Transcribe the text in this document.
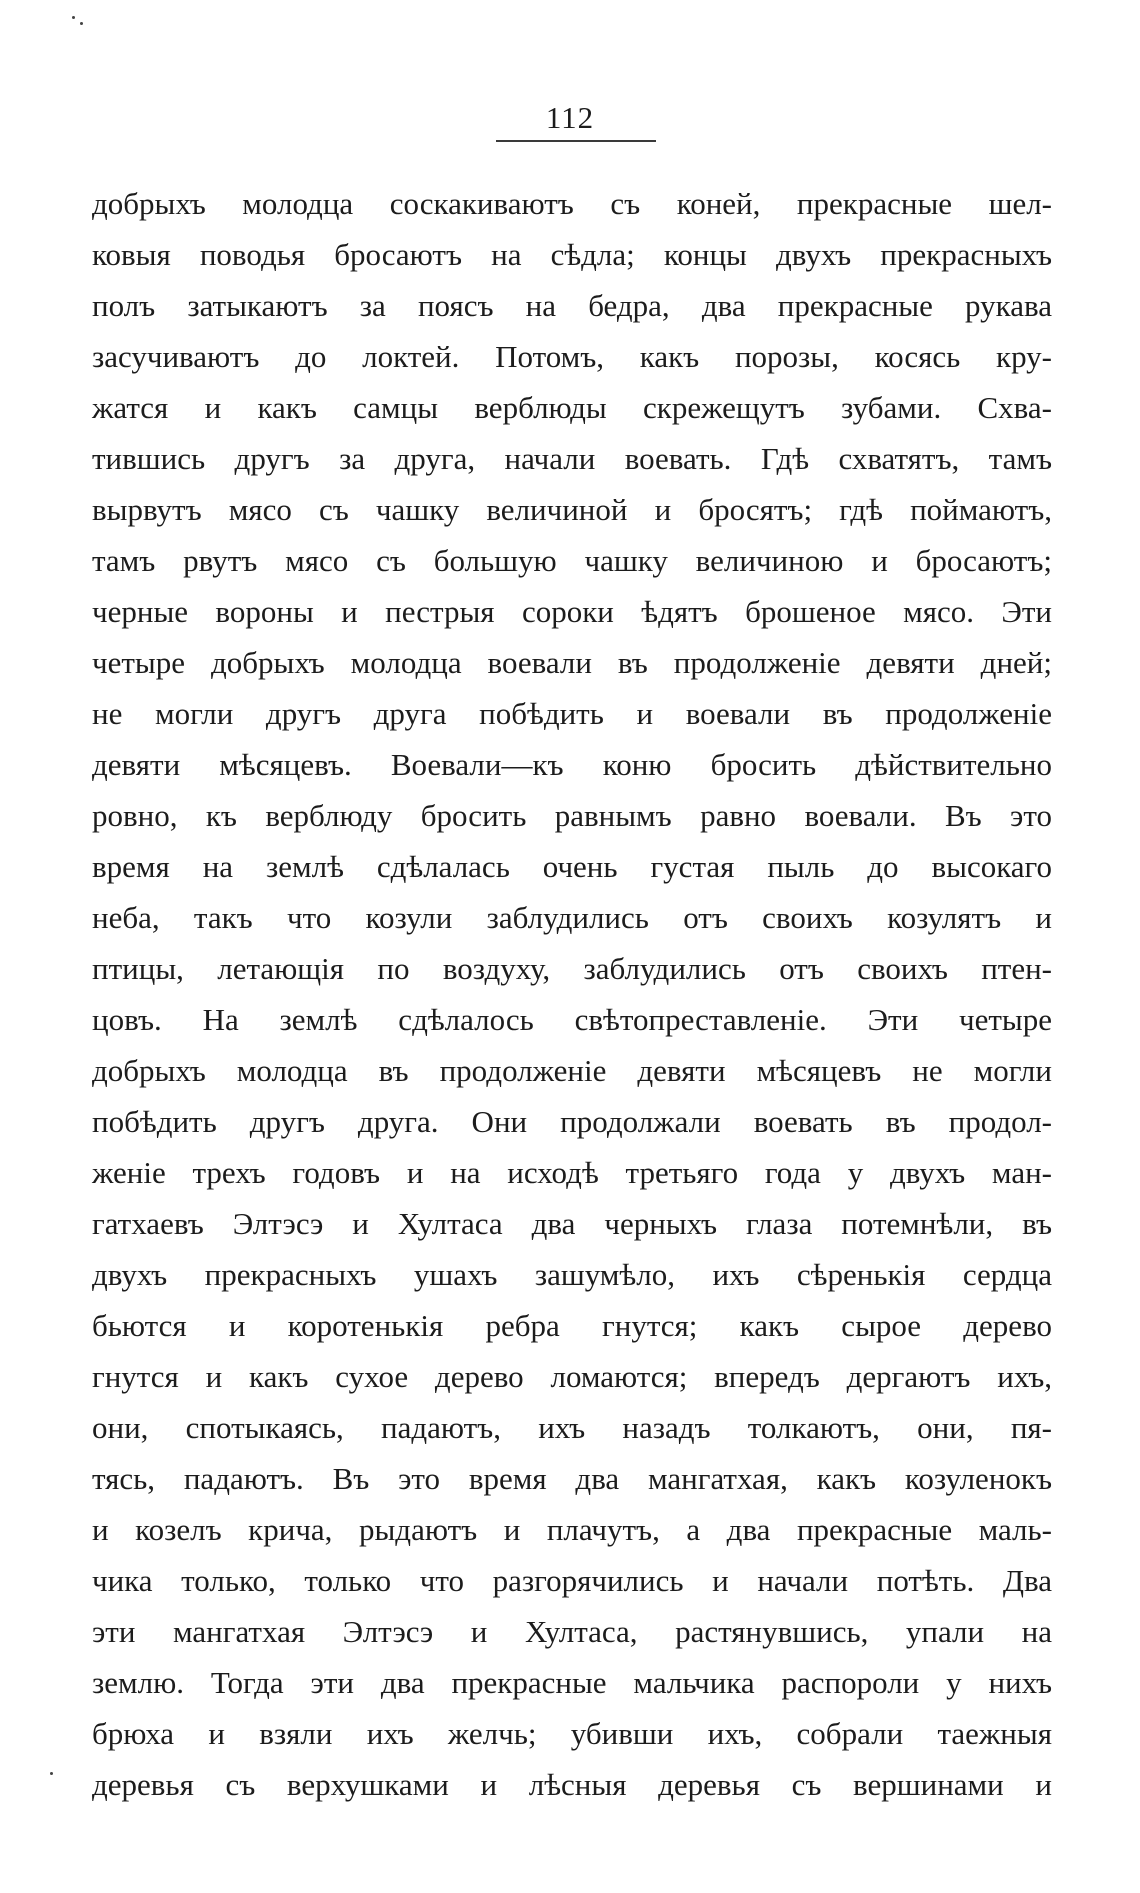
112
добрыхъ молодца соскакиваютъ съ коней, прекрасные шел-
ковыя поводья бросаютъ на сѣдла; концы двухъ прекрасныхъ
полъ затыкаютъ за поясъ на бедра, два прекрасные рукава
засучиваютъ до локтей. Потомъ, какъ порозы, косясь кру-
жатся и какъ самцы верблюды скрежещутъ зубами. Схва-
тившись другъ за друга, начали воевать. Гдѣ схватятъ, тамъ
вырвутъ мясо съ чашку величиной и бросятъ; гдѣ поймаютъ,
тамъ рвутъ мясо съ большую чашку величиною и бросаютъ;
черные вороны и пестрыя сороки ѣдятъ брошеное мясо. Эти
четыре добрыхъ молодца воевали въ продолженіе девяти дней;
не могли другъ друга побѣдить и воевали въ продолженіе
девяти мѣсяцевъ. Воевали—къ коню бросить дѣйствительно
ровно, къ верблюду бросить равнымъ равно воевали. Въ это
время на землѣ сдѣлалась очень густая пыль до высокаго
неба, такъ что козули заблудились отъ своихъ козулятъ и
птицы, летающія по воздуху, заблудились отъ своихъ птен-
цовъ. На землѣ сдѣлалось свѣтопреставленіе. Эти четыре
добрыхъ молодца въ продолженіе девяти мѣсяцевъ не могли
побѣдить другъ друга. Они продолжали воевать въ продол-
женіе трехъ годовъ и на исходѣ третьяго года у двухъ ман-
гатхаевъ Элтэсэ и Хултаса два черныхъ глаза потемнѣли, въ
двухъ прекрасныхъ ушахъ зашумѣло, ихъ сѣренькія сердца
бьются и коротенькія ребра гнутся; какъ сырое дерево
гнутся и какъ сухое дерево ломаются; впередъ дергаютъ ихъ,
они, спотыкаясь, падаютъ, ихъ назадъ толкаютъ, они, пя-
тясь, падаютъ. Въ это время два мангатхая, какъ козуленокъ
и козелъ крича, рыдаютъ и плачутъ, а два прекрасные маль-
чика только, только что разгорячились и начали потѣть. Два
эти мангатхая Элтэсэ и Хултаса, растянувшись, упали на
землю. Тогда эти два прекрасные мальчика распороли у нихъ
брюха и взяли ихъ желчь; убивши ихъ, собрали таежныя
деревья съ верхушками и лѣсныя деревья съ вершинами и
